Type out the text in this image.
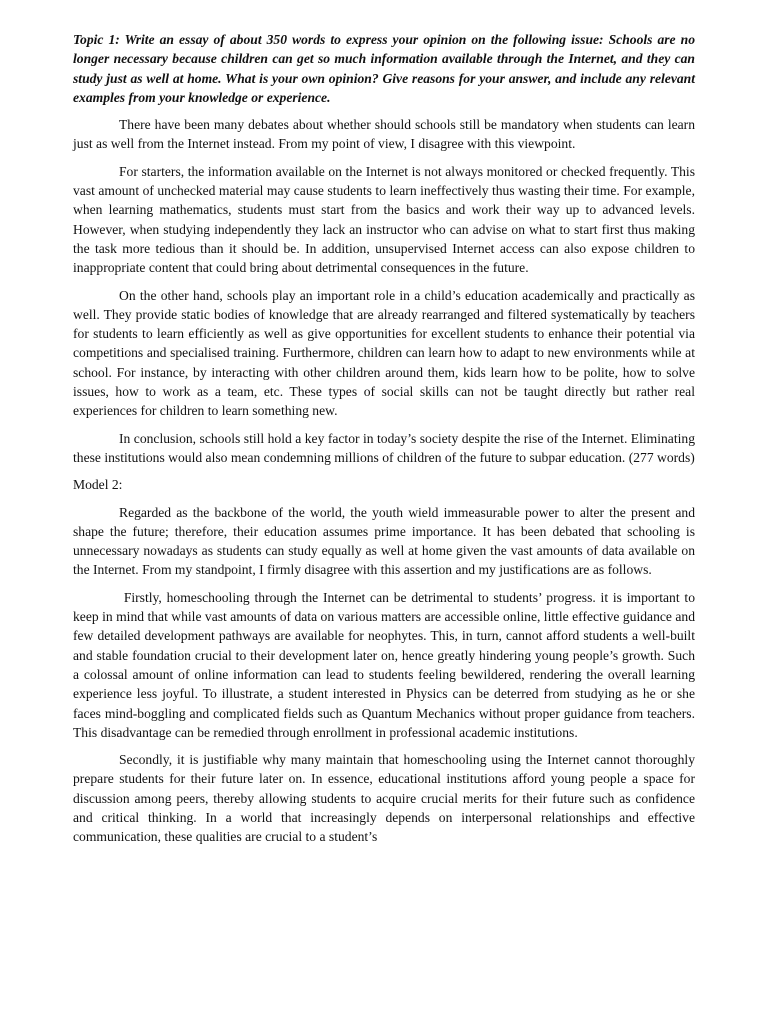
Topic 1: Write an essay of about 350 words to express your opinion on the following issue: Schools are no longer necessary because children can get so much information available through the Internet, and they can study just as well at home. What is your own opinion? Give reasons for your answer, and include any relevant examples from your knowledge or experience.

There have been many debates about whether should schools still be mandatory when students can learn just as well from the Internet instead. From my point of view, I disagree with this viewpoint.

For starters, the information available on the Internet is not always monitored or checked frequently. This vast amount of unchecked material may cause students to learn ineffectively thus wasting their time. For example, when learning mathematics, students must start from the basics and work their way up to advanced levels. However, when studying independently they lack an instructor who can advise on what to start first thus making the task more tedious than it should be. In addition, unsupervised Internet access can also expose children to inappropriate content that could bring about detrimental consequences in the future.

On the other hand, schools play an important role in a child’s education academically and practically as well. They provide static bodies of knowledge that are already rearranged and filtered systematically by teachers for students to learn efficiently as well as give opportunities for excellent students to enhance their potential via competitions and specialised training. Furthermore, children can learn how to adapt to new environments while at school. For instance, by interacting with other children around them, kids learn how to be polite, how to solve issues, how to work as a team, etc. These types of social skills can not be taught directly but rather real experiences for children to learn something new.

In conclusion, schools still hold a key factor in today’s society despite the rise of the Internet. Eliminating these institutions would also mean condemning millions of children of the future to subpar education. (277 words)

Model 2:

Regarded as the backbone of the world, the youth wield immeasurable power to alter the present and shape the future; therefore, their education assumes prime importance. It has been debated that schooling is unnecessary nowadays as students can study equally as well at home given the vast amounts of data available on the Internet. From my standpoint, I firmly disagree with this assertion and my justifications are as follows.

Firstly, homeschooling through the Internet can be detrimental to students’ progress. it is important to keep in mind that while vast amounts of data on various matters are accessible online, little effective guidance and few detailed development pathways are available for neophytes. This, in turn, cannot afford students a well-built and stable foundation crucial to their development later on, hence greatly hindering young people’s growth. Such a colossal amount of online information can lead to students feeling bewildered, rendering the overall learning experience less joyful. To illustrate, a student interested in Physics can be deterred from studying as he or she faces mind-boggling and complicated fields such as Quantum Mechanics without proper guidance from teachers. This disadvantage can be remedied through enrollment in professional academic institutions.

Secondly, it is justifiable why many maintain that homeschooling using the Internet cannot thoroughly prepare students for their future later on. In essence, educational institutions afford young people a space for discussion among peers, thereby allowing students to acquire crucial merits for their future such as confidence and critical thinking. In a world that increasingly depends on interpersonal relationships and effective communication, these qualities are crucial to a student’s
